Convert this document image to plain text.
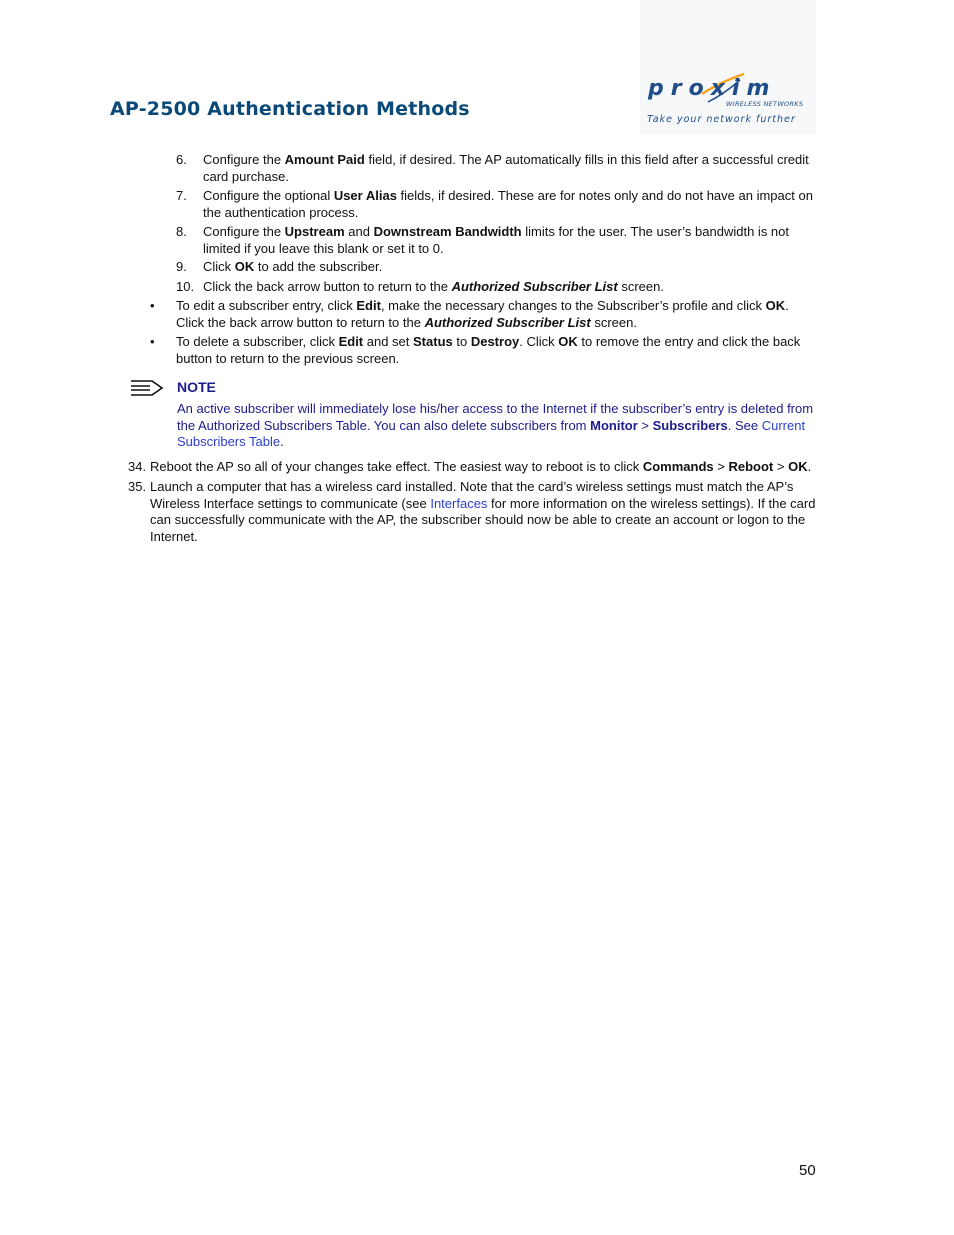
AP-2500 Authentication Methods
proxim
WIRELESS NETWORKS
Take your network further
6. Configure the Amount Paid field, if desired. The AP automatically fills in this field after a successful credit card purchase.
7. Configure the optional User Alias fields, if desired. These are for notes only and do not have an impact on the authentication process.
8. Configure the Upstream and Downstream Bandwidth limits for the user. The user’s bandwidth is not limited if you leave this blank or set it to 0.
9. Click OK to add the subscriber.
10. Click the back arrow button to return to the Authorized Subscriber List screen.
• To edit a subscriber entry, click Edit, make the necessary changes to the Subscriber’s profile and click OK. Click the back arrow button to return to the Authorized Subscriber List screen.
• To delete a subscriber, click Edit and set Status to Destroy. Click OK to remove the entry and click the back button to return to the previous screen.
NOTE
An active subscriber will immediately lose his/her access to the Internet if the subscriber’s entry is deleted from the Authorized Subscribers Table. You can also delete subscribers from Monitor > Subscribers. See Current Subscribers Table.
34. Reboot the AP so all of your changes take effect. The easiest way to reboot is to click Commands > Reboot > OK.
35. Launch a computer that has a wireless card installed. Note that the card’s wireless settings must match the AP’s Wireless Interface settings to communicate (see Interfaces for more information on the wireless settings). If the card can successfully communicate with the AP, the subscriber should now be able to create an account or logon to the Internet.
50
